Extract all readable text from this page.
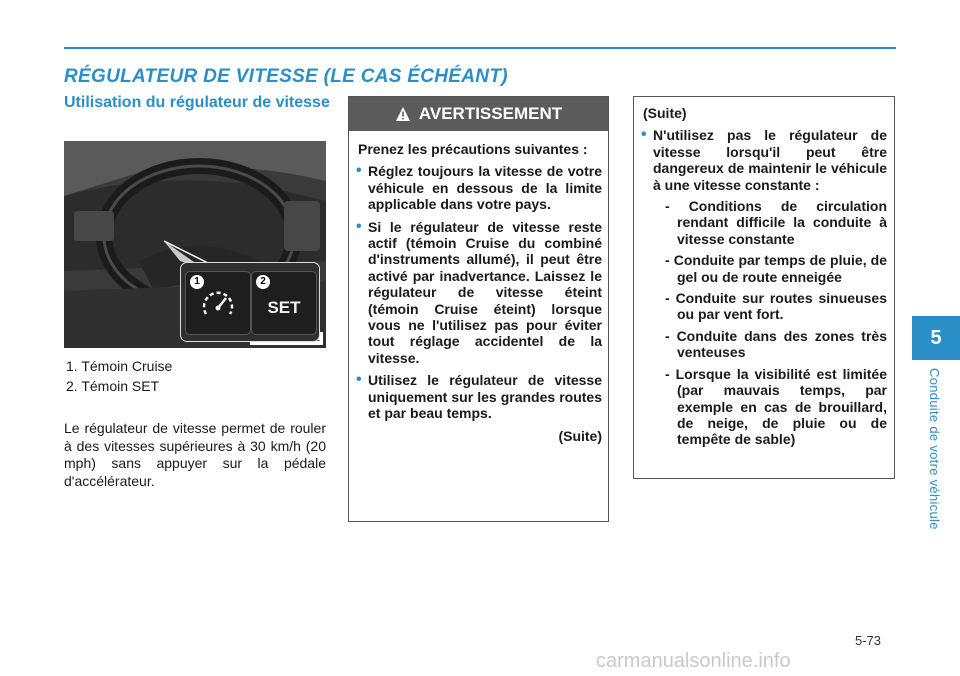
RÉGULATEUR DE VITESSE (LE CAS ÉCHÉANT)
Utilisation du régulateur de vitesse
1	2
SET
1. Témoin Cruise
2. Témoin SET
Le régulateur de vitesse permet de rouler à des vitesses supérieures à 30 km/h (20 mph) sans appuyer sur la pédale d'accélérateur.
AVERTISSEMENT
Prenez les précautions suivantes :
• Réglez toujours la vitesse de votre véhicule en dessous de la limite applicable dans votre pays.
• Si le régulateur de vitesse reste actif (témoin Cruise du combiné d'instruments allumé), il peut être activé par inadvertance. Laissez le régulateur de vitesse éteint (témoin Cruise éteint) lorsque vous ne l'utilisez pas pour éviter tout réglage accidentel de la vitesse.
• Utilisez le régulateur de vitesse uniquement sur les grandes routes et par beau temps.
(Suite)
(Suite)
• N'utilisez pas le régulateur de vitesse lorsqu'il peut être dangereux de maintenir le véhicule à une vitesse constante :
- Conditions de circulation rendant difficile la conduite à vitesse constante
- Conduite par temps de pluie, de gel ou de route enneigée
- Conduite sur routes sinueuses ou par vent fort.
- Conduite dans des zones très venteuses
- Lorsque la visibilité est limitée (par mauvais temps, par exemple en cas de brouillard, de neige, de pluie ou de tempête de sable)
5
Conduite de votre véhicule
5-73
carmanualsonline.info
